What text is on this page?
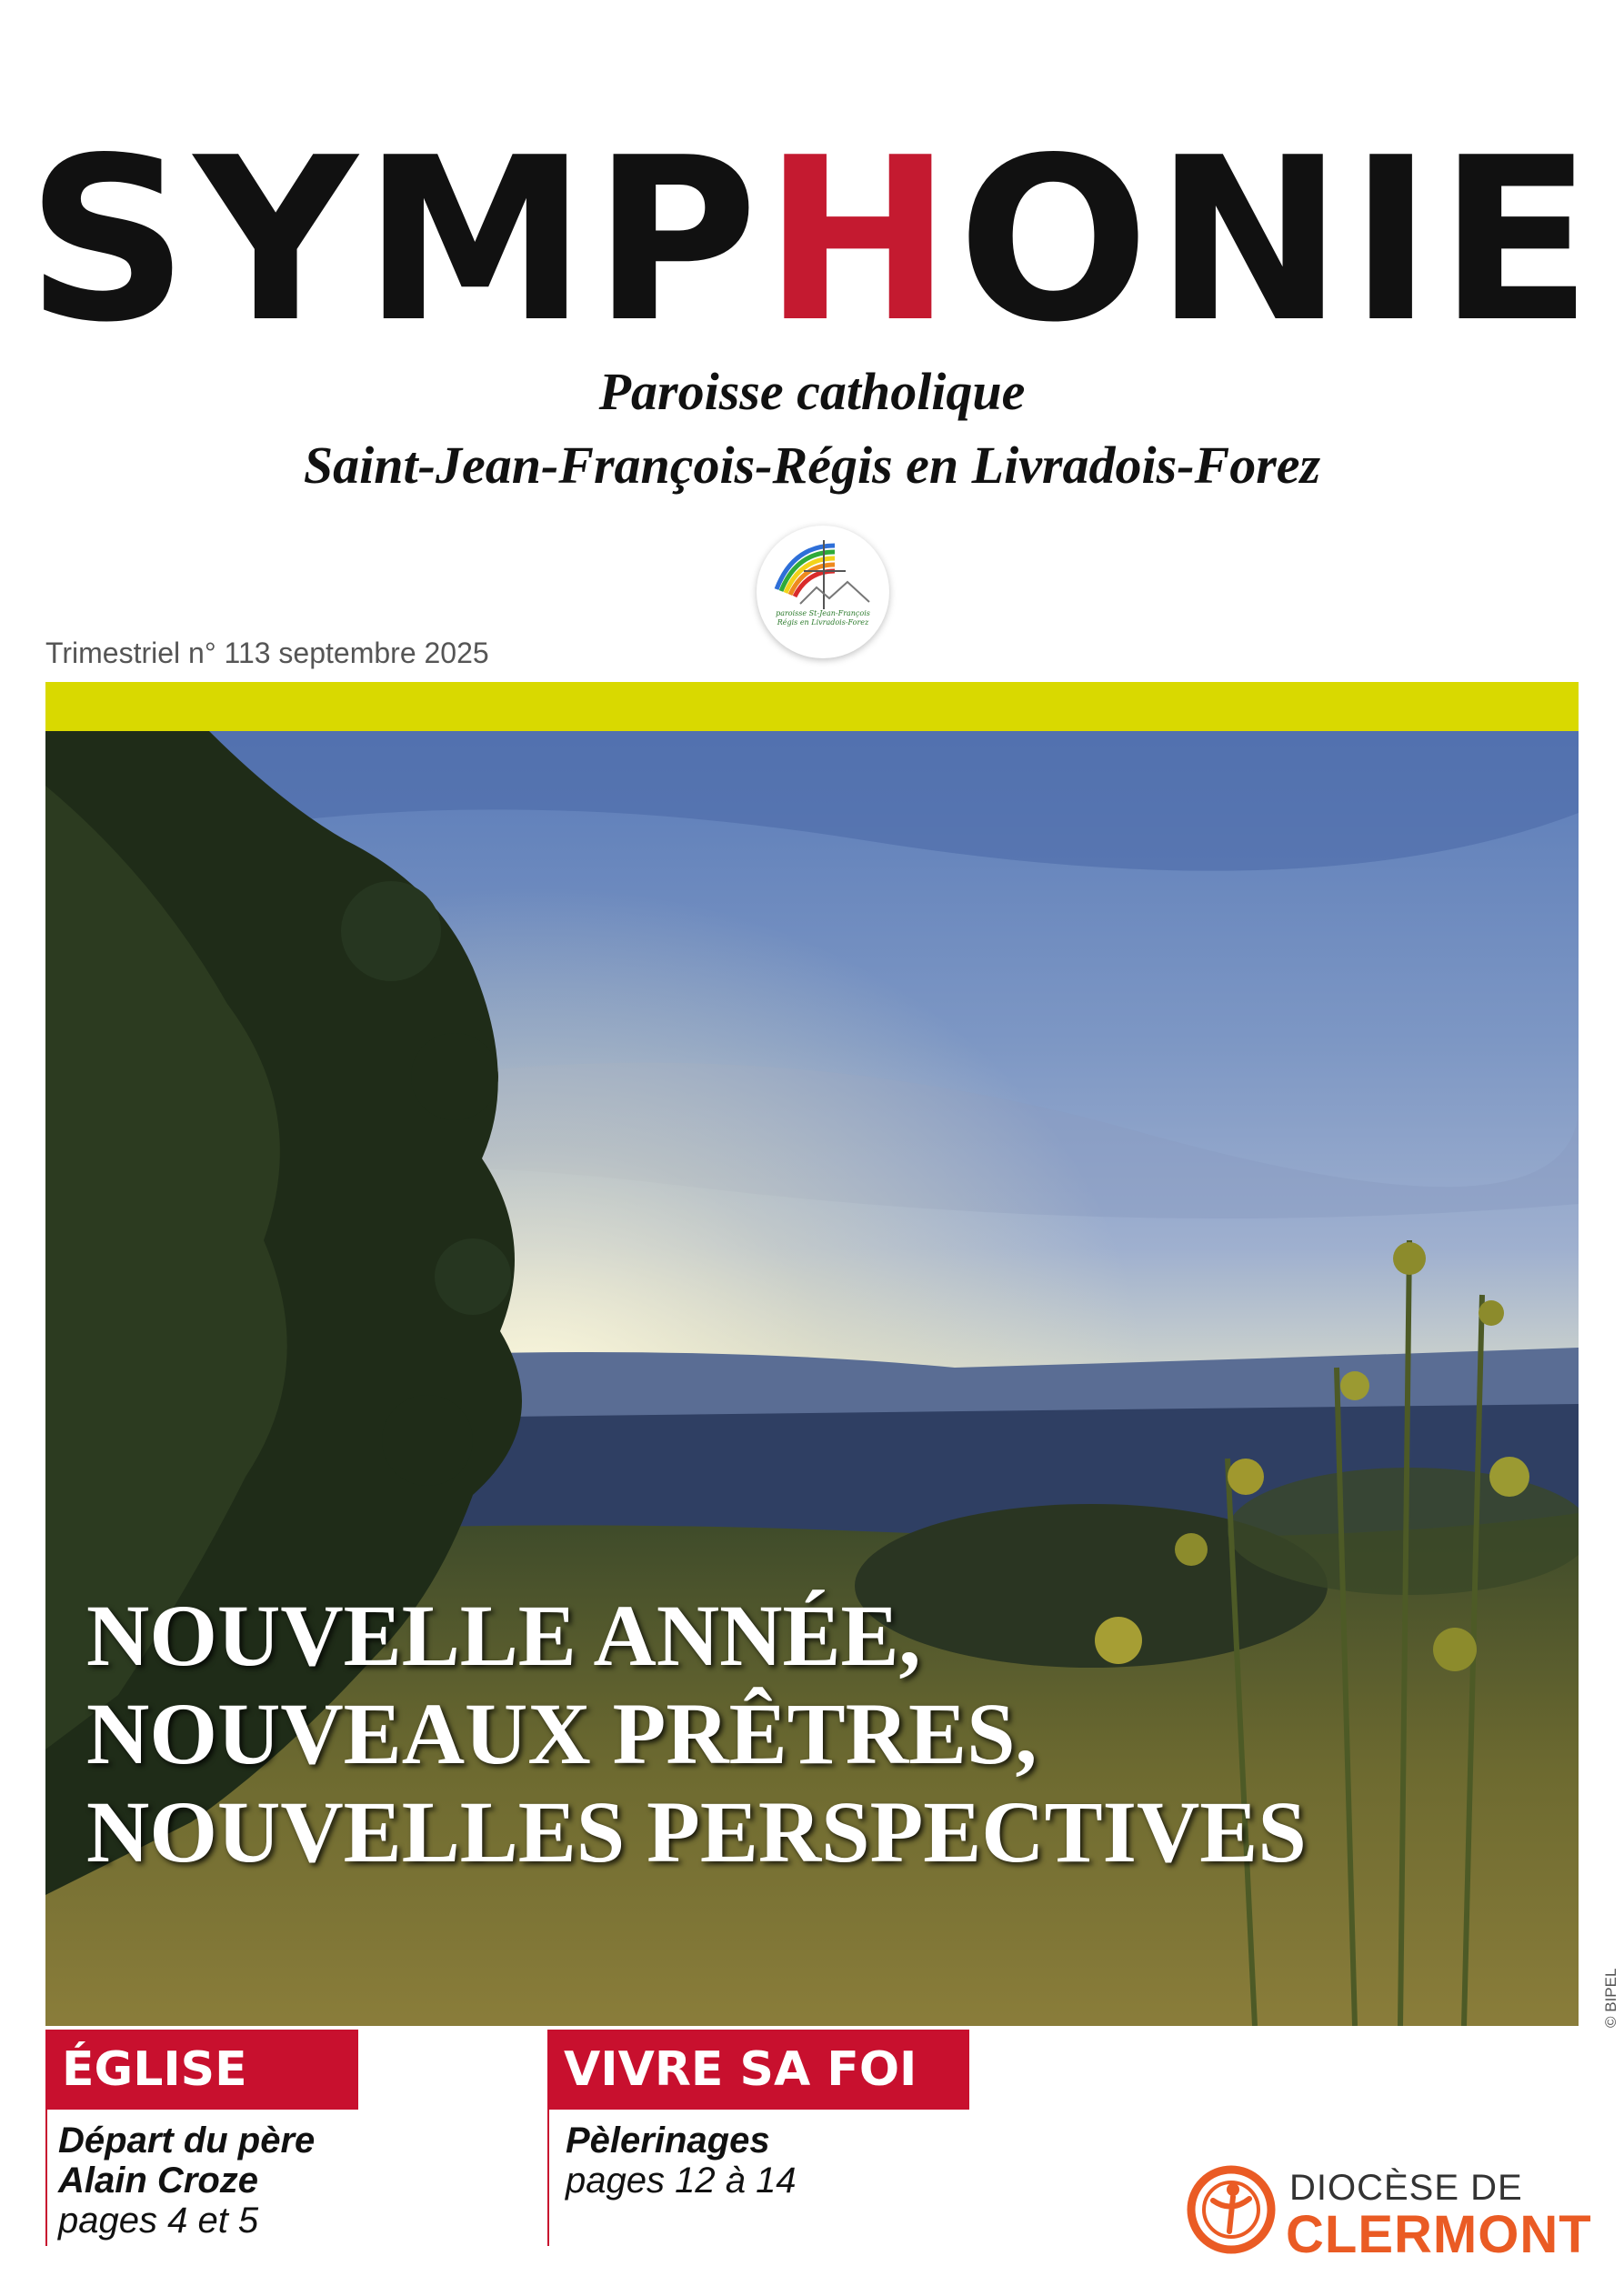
SYMPHONIE
Paroisse catholique
Saint-Jean-François-Régis en Livradois-Forez
paroisse St-Jean-François Régis en Livradois-Forez
Trimestriel n° 113 septembre 2025
NOUVELLE ANNÉE,
NOUVEAUX PRÊTRES,
NOUVELLES PERSPECTIVES
© BIPEL
ÉGLISE
Départ du père
Alain Croze
pages 4 et 5
VIVRE SA FOI
Pèlerinages
pages 12 à 14	DIOCÈSE DE
CLERMONT
